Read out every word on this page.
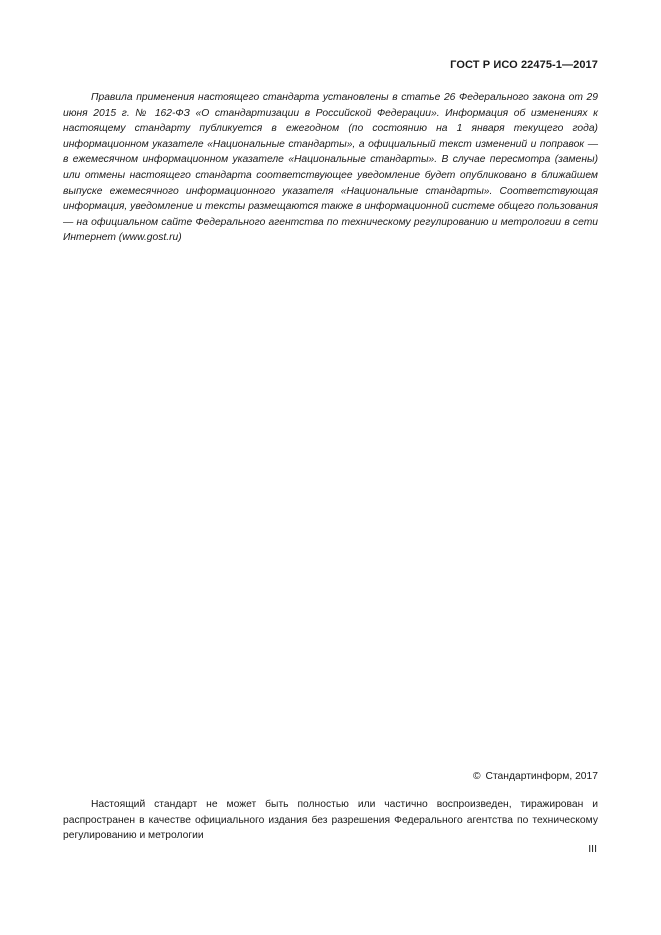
ГОСТ Р ИСО 22475-1—2017

Правила применения настоящего стандарта установлены в статье 26 Федерального закона от 29 июня 2015 г. № 162-ФЗ «О стандартизации в Российской Федерации». Информация об изменениях к настоящему стандарту публикуется в ежегодном (по состоянию на 1 января текущего года) информационном указателе «Национальные стандарты», а официальный текст изменений и поправок — в ежемесячном информационном указателе «Национальные стандарты». В случае пересмотра (замены) или отмены настоящего стандарта соответствующее уведомление будет опубликовано в ближайшем выпуске ежемесячного информационного указателя «Национальные стандарты». Соответствующая информация, уведомление и тексты размещаются также в информационной системе общего пользования — на официальном сайте Федерального агентства по техническому регулированию и метрологии в сети Интернет (www.gost.ru)

© Стандартинформ, 2017

Настоящий стандарт не может быть полностью или частично воспроизведен, тиражирован и распространен в качестве официального издания без разрешения Федерального агентства по техническому регулированию и метрологии

III
